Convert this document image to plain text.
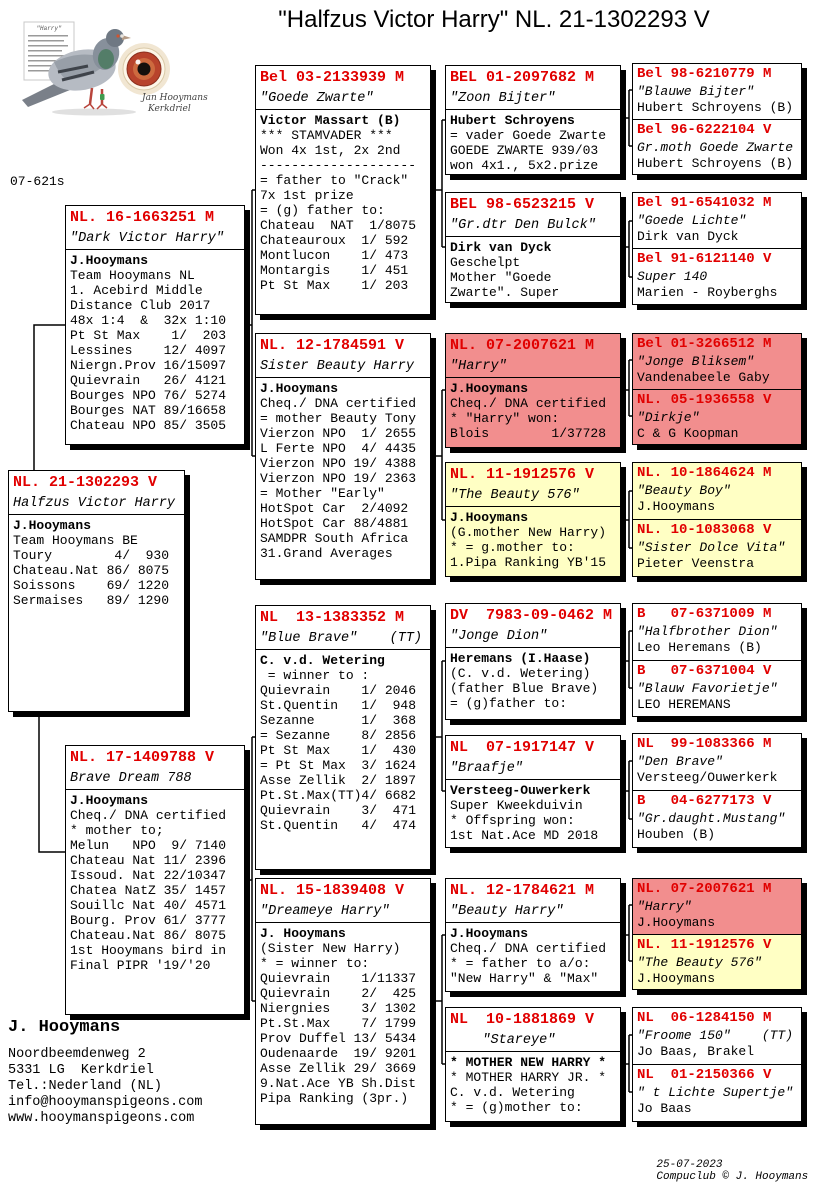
"Halfzus Victor Harry" NL. 21-1302293 V
"Harry"
Jan Hooymans
Kerkdriel
07-621s
NL. 21-1302293 V
Halfzus Victor Harry
J.Hooymans
Team Hooymans BE
Toury        4/  930
Chateau.Nat 86/ 8075
Soissons    69/ 1220
Sermaises   89/ 1290
NL. 16-1663251 M
"Dark Victor Harry"
J.Hooymans
Team Hooymans NL
1. Acebird Middle
Distance Club 2017
48x 1:4  &  32x 1:10
Pt St Max    1/  203
Lessines    12/ 4097
Niergn.Prov 16/15097
Quievrain   26/ 4121
Bourges NPO 76/ 5274
Bourges NAT 89/16658
Chateau NPO 85/ 3505
NL. 17-1409788 V
Brave Dream 788
J.Hooymans
Cheq./ DNA certified
* mother to;
Melun   NPO  9/ 7140
Chateau Nat 11/ 2396
Issoud. Nat 22/10347
Chatea NatZ 35/ 1457
Souillc Nat 40/ 4571
Bourg. Prov 61/ 3777
Chateau.Nat 86/ 8075
1st Hooymans bird in
Final PIPR '19/'20
Bel 03-2133939 M
"Goede Zwarte"
Victor Massart (B)
*** STAMVADER ***
Won 4x 1st, 2x 2nd
--------------------
= father to "Crack"
7x 1st prize
= (g) father to:
Chateau  NAT  1/8075
Chateauroux  1/ 592
Montlucon    1/ 473
Montargis    1/ 451
Pt St Max    1/ 203
NL. 12-1784591 V
Sister Beauty Harry
J.Hooymans
Cheq./ DNA certified
= mother Beauty Tony
Vierzon NPO  1/ 2655
L Ferte NPO  4/ 4435
Vierzon NPO 19/ 4388
Vierzon NPO 19/ 2363
= Mother "Early"
HotSpot Car  2/4092
HotSpot Car 88/4881
SAMDPR South Africa
31.Grand Averages
NL  13-1383352 M
"Blue Brave"    (TT)
C. v.d. Wetering
= winner to :
Quievrain    1/ 2046
St.Quentin   1/  948
Sezanne      1/  368
= Sezanne    8/ 2856
Pt St Max    1/  430
= Pt St Max  3/ 1624
Asse Zellik  2/ 1897
Pt.St.Max(TT)4/ 6682
Quievrain    3/  471
St.Quentin   4/  474
NL. 15-1839408 V
"Dreameye Harry"
J. Hooymans
(Sister New Harry)
* = winner to:
Quievrain    1/11337
Quievrain    2/  425
Niergnies    3/ 1302
Pt.St.Max    7/ 1799
Prov Duffel 13/ 5434
Oudenaarde  19/ 9201
Asse Zellik 29/ 3669
9.Nat.Ace YB Sh.Dist
Pipa Ranking (3pr.)
BEL 01-2097682 M
"Zoon Bijter"
Hubert Schroyens
= vader Goede Zwarte
GOEDE ZWARTE 939/03
won 4x1., 5x2.prize
BEL 98-6523215 V
"Gr.dtr Den Bulck"
Dirk van Dyck
Geschelpt
Mother "Goede
Zwarte". Super
NL. 07-2007621 M
"Harry"
J.Hooymans
Cheq./ DNA certified
* "Harry" won:
Blois        1/37728
NL. 11-1912576 V
"The Beauty 576"
J.Hooymans
(G.mother New Harry)
* = g.mother to:
1.Pipa Ranking YB'15
DV  7983-09-0462 M
"Jonge Dion"
Heremans (I.Haase)
(C. v.d. Wetering)
(father Blue Brave)
= (g)father to:
NL  07-1917147 V
"Braafje"
Versteeg-Ouwerkerk
Super Kweekduivin
* Offspring won:
1st Nat.Ace MD 2018
NL. 12-1784621 M
"Beauty Harry"
J.Hooymans
Cheq./ DNA certified
* = father to a/o:
"New Harry" & "Max"
NL  10-1881869 V
"Stareye"
* MOTHER NEW HARRY *
* MOTHER HARRY JR. *
C. v.d. Wetering
* = (g)mother to:
Bel 98-6210779 M
"Blauwe Bijter"
Hubert Schroyens (B)
Bel 96-6222104 V
Gr.moth Goede Zwarte
Hubert Schroyens (B)
Bel 91-6541032 M
"Goede Lichte"
Dirk van Dyck
Bel 91-6121140 V
Super 140
Marien - Royberghs
Bel 01-3266512 M
"Jonge Bliksem"
Vandenabeele Gaby
NL. 05-1936558 V
"Dirkje"
C & G Koopman
NL. 10-1864624 M
"Beauty Boy"
J.Hooymans
NL. 10-1083068 V
"Sister Dolce Vita"
Pieter Veenstra
B   07-6371009 M
"Halfbrother Dion"
Leo Heremans (B)
B   07-6371004 V
"Blauw Favorietje"
LEO HEREMANS
NL  99-1083366 M
"Den Brave"
Versteeg/Ouwerkerk
B   04-6277173 V
"Gr.daught.Mustang"
Houben (B)
NL. 07-2007621 M
"Harry"
J.Hooymans
NL. 11-1912576 V
"The Beauty 576"
J.Hooymans
NL  06-1284150 M
"Froome 150"    (TT)
Jo Baas, Brakel
NL  01-2150366 V
" t Lichte Supertje"
Jo Baas
J. Hooymans
Noordbeemdenweg 2
5331 LG  Kerkdriel
Tel.:Nederland (NL)
info@hooymanspigeons.com
www.hooymanspigeons.com

25-07-2023
Compuclub © J. Hooymans
